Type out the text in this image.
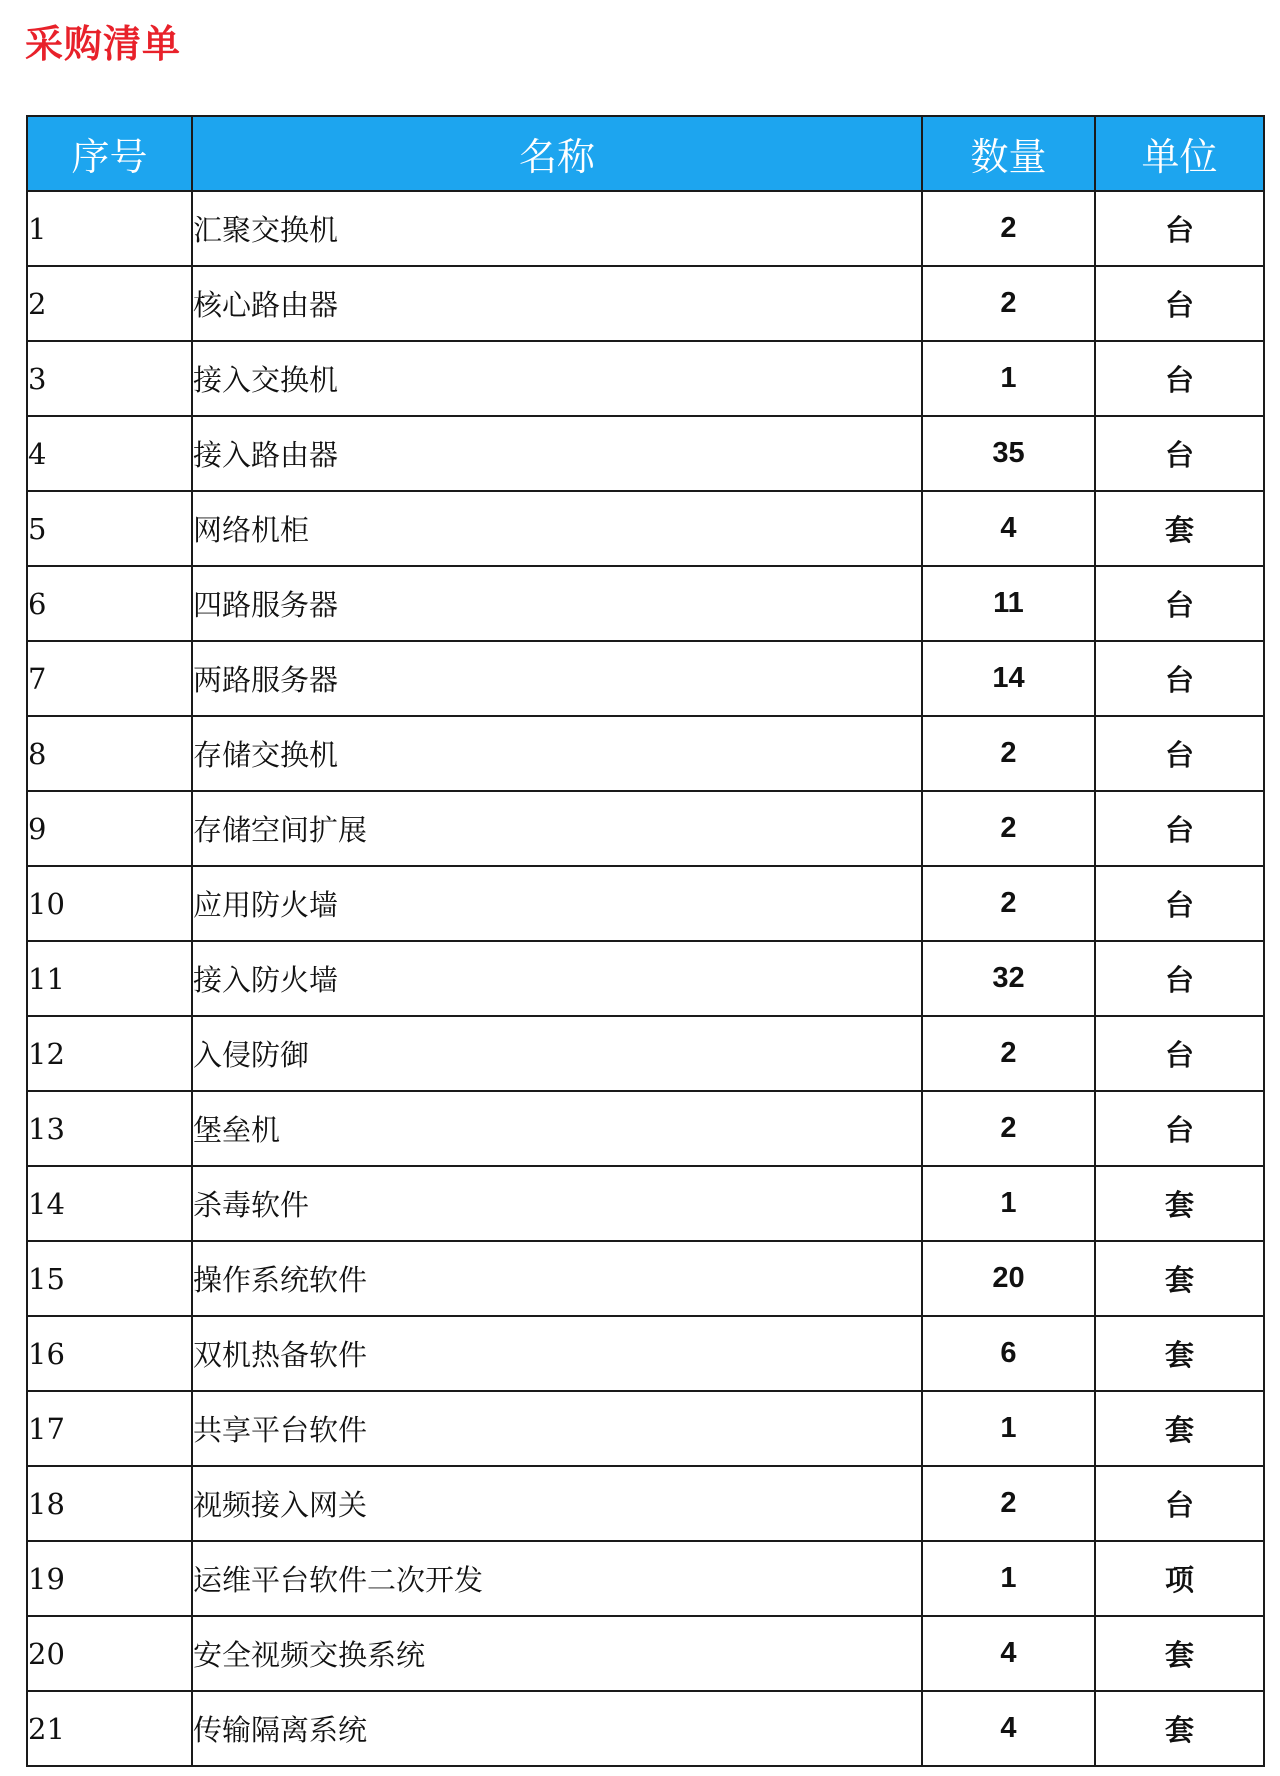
采购清单
序号	名称	数量	单位
1	汇聚交换机	2	台
2	核心路由器	2	台
3	接入交换机	1	台
4	接入路由器	35	台
5	网络机柜	4	套
6	四路服务器	11	台
7	两路服务器	14	台
8	存储交换机	2	台
9	存储空间扩展	2	台
10	应用防火墙	2	台
11	接入防火墙	32	台
12	入侵防御	2	台
13	堡垒机	2	台
14	杀毒软件	1	套
15	操作系统软件	20	套
16	双机热备软件	6	套
17	共享平台软件	1	套
18	视频接入网关	2	台
19	运维平台软件二次开发	1	项
20	安全视频交换系统	4	套
21	传输隔离系统	4	套
